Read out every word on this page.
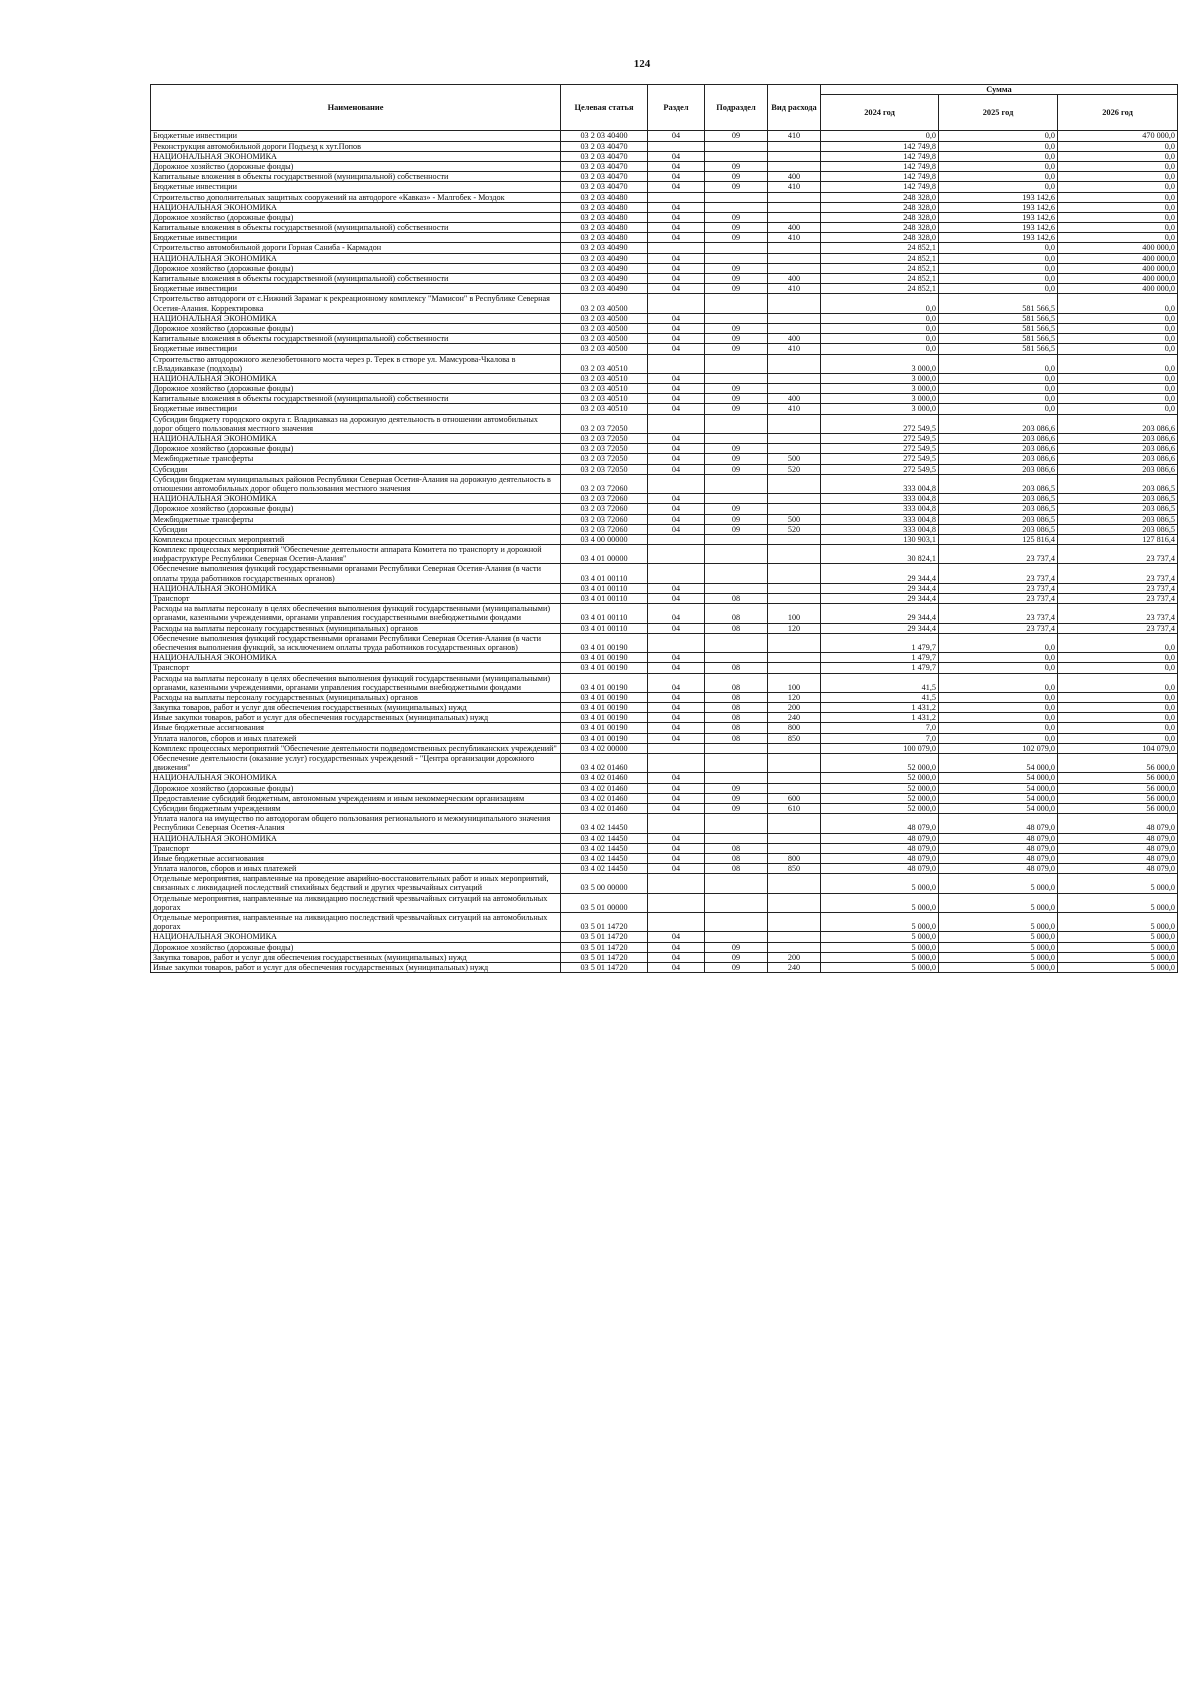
124
Наименование	Целевая статья	Раздел	Подраздел	Вид расхода	Сумма		
					2024 год	2025 год	2026 год
Бюджетные инвестиции	03 2 03 40400	04	09	410	0,0	0,0	470 000,0
Реконструкция автомобильной дороги Подъезд к хут.Попов	03 2 03 40470				142 749,8	0,0	0,0
НАЦИОНАЛЬНАЯ ЭКОНОМИКА	03 2 03 40470	04			142 749,8	0,0	0,0
Дорожное хозяйство (дорожные фонды)	03 2 03 40470	04	09		142 749,8	0,0	0,0
Капитальные вложения в объекты государственной (муниципальной) собственности	03 2 03 40470	04	09	400	142 749,8	0,0	0,0
Бюджетные инвестиции	03 2 03 40470	04	09	410	142 749,8	0,0	0,0
Строительство дополнительных защитных сооружений на автодороге «Кавказ» - Малгобек - Моздок	03 2 03 40480				248 328,0	193 142,6	0,0
НАЦИОНАЛЬНАЯ ЭКОНОМИКА	03 2 03 40480	04			248 328,0	193 142,6	0,0
Дорожное хозяйство (дорожные фонды)	03 2 03 40480	04	09		248 328,0	193 142,6	0,0
Капитальные вложения в объекты государственной (муниципальной) собственности	03 2 03 40480	04	09	400	248 328,0	193 142,6	0,0
Бюджетные инвестиции	03 2 03 40480	04	09	410	248 328,0	193 142,6	0,0
Строительство автомобильной дороги Горная Саниба - Кармадон	03 2 03 40490				24 852,1	0,0	400 000,0
НАЦИОНАЛЬНАЯ ЭКОНОМИКА	03 2 03 40490	04			24 852,1	0,0	400 000,0
Дорожное хозяйство (дорожные фонды)	03 2 03 40490	04	09		24 852,1	0,0	400 000,0
Капитальные вложения в объекты государственной (муниципальной) собственности	03 2 03 40490	04	09	400	24 852,1	0,0	400 000,0
Бюджетные инвестиции	03 2 03 40490	04	09	410	24 852,1	0,0	400 000,0
Строительство автодороги от с.Нижний Зарамаг к рекреационному комплексу "Мамисон" в Республике Северная Осетия-Алания. Корректировка	03 2 03 40500				0,0	581 566,5	0,0
НАЦИОНАЛЬНАЯ ЭКОНОМИКА	03 2 03 40500	04			0,0	581 566,5	0,0
Дорожное хозяйство (дорожные фонды)	03 2 03 40500	04	09		0,0	581 566,5	0,0
Капитальные вложения в объекты государственной (муниципальной) собственности	03 2 03 40500	04	09	400	0,0	581 566,5	0,0
Бюджетные инвестиции	03 2 03 40500	04	09	410	0,0	581 566,5	0,0
Строительство автодорожного железобетонного моста через р. Терек в створе ул. Мамсурова-Чкалова в г.Владикавказе (подходы)	03 2 03 40510				3 000,0	0,0	0,0
НАЦИОНАЛЬНАЯ ЭКОНОМИКА	03 2 03 40510	04			3 000,0	0,0	0,0
Дорожное хозяйство (дорожные фонды)	03 2 03 40510	04	09		3 000,0	0,0	0,0
Капитальные вложения в объекты государственной (муниципальной) собственности	03 2 03 40510	04	09	400	3 000,0	0,0	0,0
Бюджетные инвестиции	03 2 03 40510	04	09	410	3 000,0	0,0	0,0
Субсидии бюджету городского округа г. Владикавказ на дорожную деятельность в отношении автомобильных дорог общего пользования местного значения	03 2 03 72050				272 549,5	203 086,6	203 086,6
НАЦИОНАЛЬНАЯ ЭКОНОМИКА	03 2 03 72050	04			272 549,5	203 086,6	203 086,6
Дорожное хозяйство (дорожные фонды)	03 2 03 72050	04	09		272 549,5	203 086,6	203 086,6
Межбюджетные трансферты	03 2 03 72050	04	09	500	272 549,5	203 086,6	203 086,6
Субсидии	03 2 03 72050	04	09	520	272 549,5	203 086,6	203 086,6
Субсидии бюджетам муниципальных районов Республики Северная Осетия-Алания на дорожную деятельность в отношении автомобильных дорог общего пользования местного значения	03 2 03 72060				333 004,8	203 086,5	203 086,5
НАЦИОНАЛЬНАЯ ЭКОНОМИКА	03 2 03 72060	04			333 004,8	203 086,5	203 086,5
Дорожное хозяйство (дорожные фонды)	03 2 03 72060	04	09		333 004,8	203 086,5	203 086,5
Межбюджетные трансферты	03 2 03 72060	04	09	500	333 004,8	203 086,5	203 086,5
Субсидии	03 2 03 72060	04	09	520	333 004,8	203 086,5	203 086,5
Комплексы процессных мероприятий	03 4 00 00000				130 903,1	125 816,4	127 816,4
Комплекс процессных мероприятий "Обеспечение деятельности аппарата Комитета по транспорту и дорожной инфраструктуре Республики Северная Осетия-Алания"	03 4 01 00000				30 824,1	23 737,4	23 737,4
Обеспечение выполнения функций государственными органами Республики Северная Осетия-Алания (в части оплаты труда работников государственных органов)	03 4 01 00110				29 344,4	23 737,4	23 737,4
НАЦИОНАЛЬНАЯ ЭКОНОМИКА	03 4 01 00110	04			29 344,4	23 737,4	23 737,4
Транспорт	03 4 01 00110	04	08		29 344,4	23 737,4	23 737,4
Расходы на выплаты персоналу в целях обеспечения выполнения функций государственными (муниципальными) органами, казенными учреждениями, органами управления государственными внебюджетными фондами	03 4 01 00110	04	08	100	29 344,4	23 737,4	23 737,4
Расходы на выплаты персоналу государственных (муниципальных) органов	03 4 01 00110	04	08	120	29 344,4	23 737,4	23 737,4
Обеспечение выполнения функций государственными органами Республики Северная Осетия-Алания (в части обеспечения выполнения функций, за исключением оплаты труда работников государственных органов)	03 4 01 00190				1 479,7	0,0	0,0
НАЦИОНАЛЬНАЯ ЭКОНОМИКА	03 4 01 00190	04			1 479,7	0,0	0,0
Транспорт	03 4 01 00190	04	08		1 479,7	0,0	0,0
Расходы на выплаты персоналу в целях обеспечения выполнения функций государственными (муниципальными) органами, казенными учреждениями, органами управления государственными внебюджетными фондами	03 4 01 00190	04	08	100	41,5	0,0	0,0
Расходы на выплаты персоналу государственных (муниципальных) органов	03 4 01 00190	04	08	120	41,5	0,0	0,0
Закупка товаров, работ и услуг для обеспечения государственных (муниципальных) нужд	03 4 01 00190	04	08	200	1 431,2	0,0	0,0
Иные закупки товаров, работ и услуг для обеспечения государственных (муниципальных) нужд	03 4 01 00190	04	08	240	1 431,2	0,0	0,0
Иные бюджетные ассигнования	03 4 01 00190	04	08	800	7,0	0,0	0,0
Уплата налогов, сборов и иных платежей	03 4 01 00190	04	08	850	7,0	0,0	0,0
Комплекс процессных мероприятий "Обеспечение деятельности подведомственных республиканских учреждений"	03 4 02 00000				100 079,0	102 079,0	104 079,0
Обеспечение деятельности (оказание услуг) государственных учреждений - "Центра организации дорожного движения"	03 4 02 01460				52 000,0	54 000,0	56 000,0
НАЦИОНАЛЬНАЯ ЭКОНОМИКА	03 4 02 01460	04			52 000,0	54 000,0	56 000,0
Дорожное хозяйство (дорожные фонды)	03 4 02 01460	04	09		52 000,0	54 000,0	56 000,0
Предоставление субсидий бюджетным, автономным учреждениям и иным некоммерческим организациям	03 4 02 01460	04	09	600	52 000,0	54 000,0	56 000,0
Субсидии бюджетным учреждениям	03 4 02 01460	04	09	610	52 000,0	54 000,0	56 000,0
Уплата налога на имущество по автодорогам общего пользования регионального и межмуниципального значения Республики Северная Осетия-Алания	03 4 02 14450				48 079,0	48 079,0	48 079,0
НАЦИОНАЛЬНАЯ ЭКОНОМИКА	03 4 02 14450	04			48 079,0	48 079,0	48 079,0
Транспорт	03 4 02 14450	04	08		48 079,0	48 079,0	48 079,0
Иные бюджетные ассигнования	03 4 02 14450	04	08	800	48 079,0	48 079,0	48 079,0
Уплата налогов, сборов и иных платежей	03 4 02 14450	04	08	850	48 079,0	48 079,0	48 079,0
Отдельные мероприятия, направленные на проведение аварийно-восстановительных работ и иных мероприятий, связанных с ликвидацией последствий стихийных бедствий и других чрезвычайных ситуаций	03 5 00 00000				5 000,0	5 000,0	5 000,0
Отдельные мероприятия, направленные на ликвидацию последствий чрезвычайных ситуаций на автомобильных дорогах	03 5 01 00000				5 000,0	5 000,0	5 000,0
Отдельные мероприятия, направленные на ликвидацию последствий чрезвычайных ситуаций на автомобильных дорогах	03 5 01 14720				5 000,0	5 000,0	5 000,0
НАЦИОНАЛЬНАЯ ЭКОНОМИКА	03 5 01 14720	04			5 000,0	5 000,0	5 000,0
Дорожное хозяйство (дорожные фонды)	03 5 01 14720	04	09		5 000,0	5 000,0	5 000,0
Закупка товаров, работ и услуг для обеспечения государственных (муниципальных) нужд	03 5 01 14720	04	09	200	5 000,0	5 000,0	5 000,0
Иные закупки товаров, работ и услуг для обеспечения государственных (муниципальных) нужд	03 5 01 14720	04	09	240	5 000,0	5 000,0	5 000,0
